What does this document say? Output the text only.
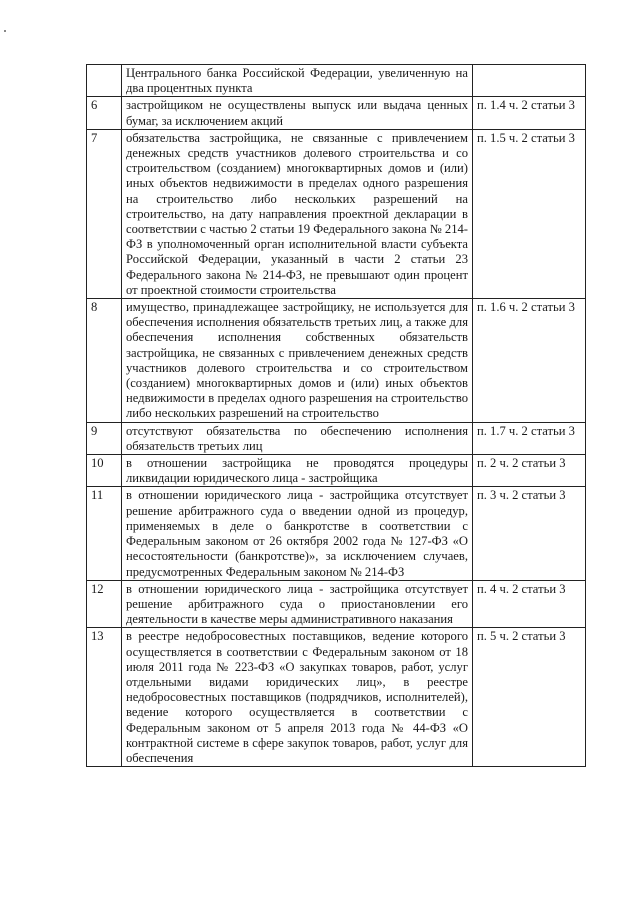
	Центрального банка Российской Федерации, увеличенную на два процентных пункта	
6	застройщиком не осуществлены выпуск или выдача ценных бумаг, за исключением акций	п. 1.4 ч. 2 статьи 3
7	обязательства застройщика, не связанные с привлечением денежных средств участников долевого строительства и со строительством (созданием) многоквартирных домов и (или) иных объектов недвижимости в пределах одного разрешения на строительство либо нескольких разрешений на строительство, на дату направления проектной декларации в соответствии с частью 2 статьи 19 Федерального закона № 214-ФЗ в уполномоченный орган исполнительной власти субъекта Российской Федерации, указанный в части 2 статьи 23 Федерального закона № 214-ФЗ, не превышают один процент от проектной стоимости строительства	п. 1.5 ч. 2 статьи 3
8	имущество, принадлежащее застройщику, не используется для обеспечения исполнения обязательств третьих лиц, а также для обеспечения исполнения собственных обязательств застройщика, не связанных с привлечением денежных средств участников долевого строительства и со строительством (созданием) многоквартирных домов и (или) иных объектов недвижимости в пределах одного разрешения на строительство либо нескольких разрешений на строительство	п. 1.6 ч. 2 статьи 3
9	отсутствуют обязательства по обеспечению исполнения обязательств третьих лиц	п. 1.7 ч. 2 статьи 3
10	в отношении застройщика не проводятся процедуры ликвидации юридического лица - застройщика	п. 2 ч. 2 статьи 3
11	в отношении юридического лица - застройщика отсутствует решение арбитражного суда о введении одной из процедур, применяемых в деле о банкротстве в соответствии с Федеральным законом от 26 октября 2002 года № 127-ФЗ «О несостоятельности (банкротстве)», за исключением случаев, предусмотренных Федеральным законом № 214-ФЗ	п. 3 ч. 2 статьи 3
12	в отношении юридического лица - застройщика отсутствует решение арбитражного суда о приостановлении его деятельности в качестве меры административного наказания	п. 4 ч. 2 статьи 3
13	в реестре недобросовестных поставщиков, ведение которого осуществляется в соответствии с Федеральным законом от 18 июля 2011 года № 223-ФЗ «О закупках товаров, работ, услуг отдельными видами юридических лиц», в реестре недобросовестных поставщиков (подрядчиков, исполнителей), ведение которого осуществляется в соответствии с Федеральным законом от 5 апреля 2013 года № 44-ФЗ «О контрактной системе в сфере закупок товаров, работ, услуг для обеспечения	п. 5 ч. 2 статьи 3
